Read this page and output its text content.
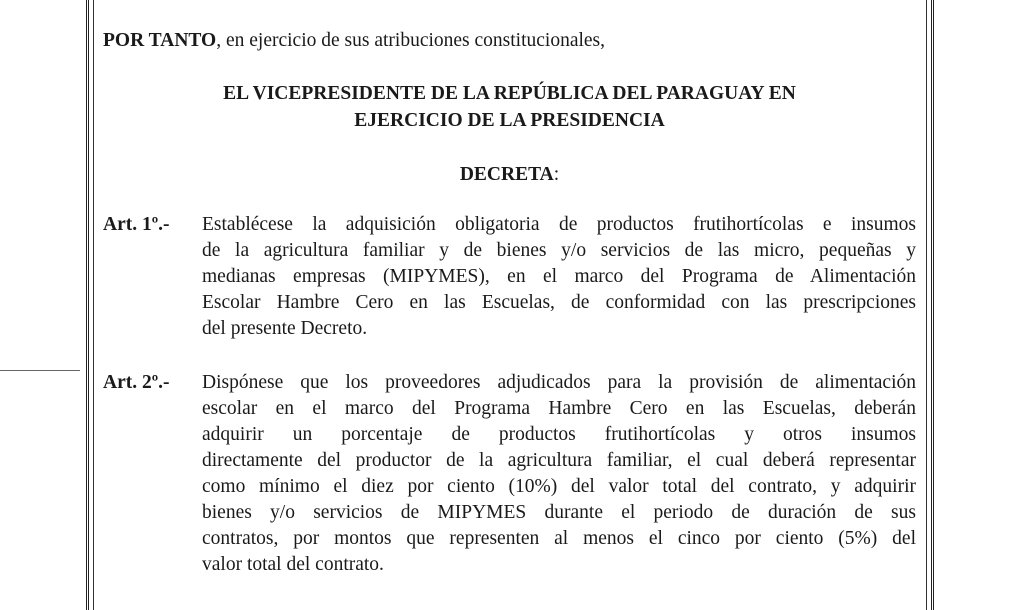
POR TANTO, en ejercicio de sus atribuciones constitucionales,
EL VICEPRESIDENTE DE LA REPÚBLICA DEL PARAGUAY EN
EJERCICIO DE LA PRESIDENCIA
DECRETA:
Art. 1º.- Establécese la adquisición obligatoria de productos frutihortícolas e insumos
de la agricultura familiar y de bienes y/o servicios de las micro, pequeñas y
medianas empresas (MIPYMES), en el marco del Programa de Alimentación
Escolar Hambre Cero en las Escuelas, de conformidad con las prescripciones
del presente Decreto.
Art. 2º.- Dispónese que los proveedores adjudicados para la provisión de alimentación
escolar en el marco del Programa Hambre Cero en las Escuelas, deberán
adquirir un porcentaje de productos frutihortícolas y otros insumos
directamente del productor de la agricultura familiar, el cual deberá representar
como mínimo el diez por ciento (10%) del valor total del contrato, y adquirir
bienes y/o servicios de MIPYMES durante el periodo de duración de sus
contratos, por montos que representen al menos el cinco por ciento (5%) del
valor total del contrato.
